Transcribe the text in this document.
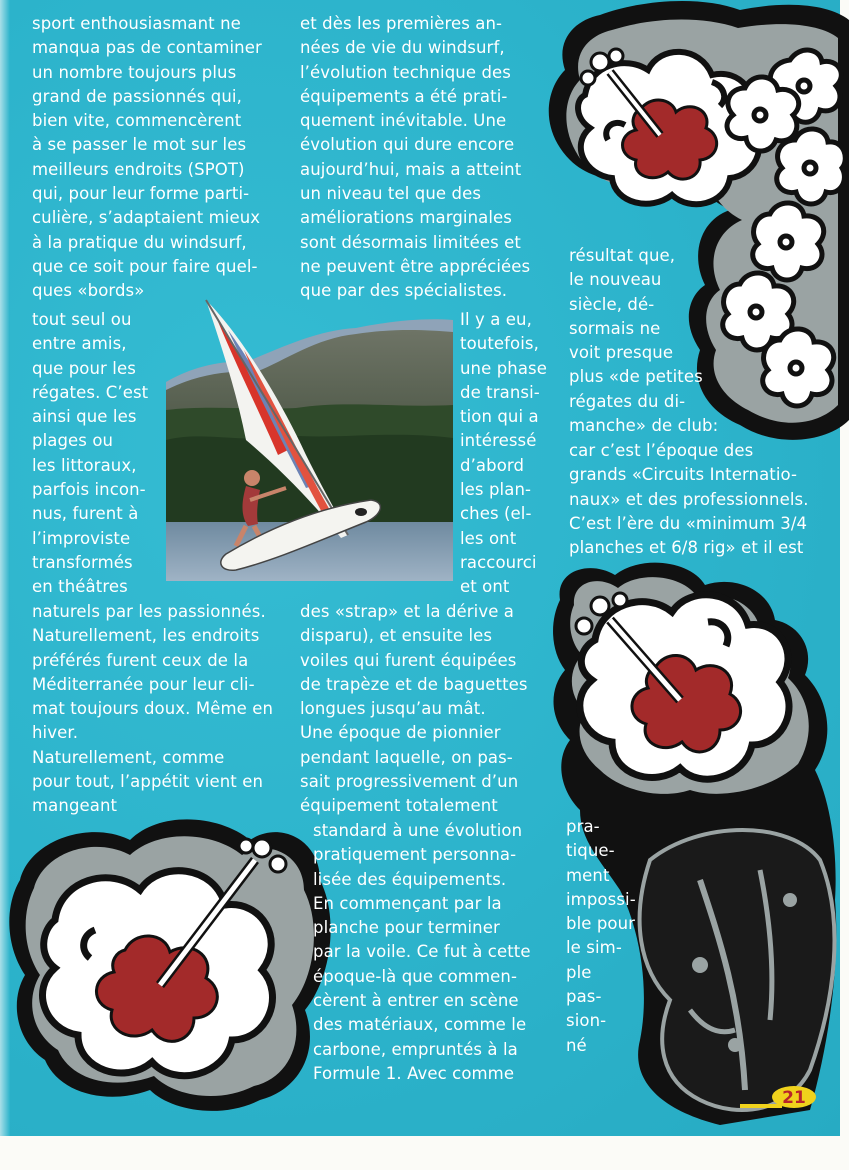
sport enthousiasmant ne
manqua pas de contaminer
un nombre toujours plus
grand de passionnés qui,
bien vite, commencèrent
à se passer le mot sur les
meilleurs endroits (SPOT)
qui, pour leur forme parti-
culière, s’adaptaient mieux
à la pratique du windsurf,
que ce soit pour faire quel-
ques «bords»
tout seul ou
entre amis,
que pour les
régates. C’est
ainsi que les
plages ou
les littoraux,
parfois incon-
nus, furent à
l’improviste
transformés
en théâtres
naturels par les passionnés.
Naturellement, les endroits
préférés furent ceux de la
Méditerranée pour leur cli-
mat toujours doux. Même en
hiver.
Naturellement, comme
pour tout, l’appétit vient en
mangeant
et dès les premières an-
nées de vie du windsurf,
l’évolution technique des
équipements a été prati-
quement inévitable. Une
évolution qui dure encore
aujourd’hui, mais a atteint
un niveau tel que des
améliorations marginales
sont désormais limitées et
ne peuvent être appréciées
que par des spécialistes.
Il y a eu,
toutefois,
une phase
de transi-
tion qui a
intéressé
d’abord
les plan-
ches (el-
les ont
raccourci
et ont
des «strap» et la dérive a
disparu), et ensuite les
voiles qui furent équipées
de trapèze et de baguettes
longues jusqu’au mât.
Une époque de pionnier
pendant laquelle, on pas-
sait progressivement d’un
équipement totalement
standard à une évolution
pratiquement personna-
lisée des équipements.
En commençant par la
planche pour terminer
par la voile. Ce fut à cette
époque-là que commen-
cèrent à entrer en scène
des matériaux, comme le
carbone, empruntés à la
Formule 1. Avec comme
résultat que,
le nouveau
siècle, dé-
sormais ne
voit presque
plus «de petites
régates du di-
manche» de club:
car c’est l’époque des
grands «Circuits Internatio-
naux» et des professionnels.
C’est l’ère du «minimum 3/4
planches et 6/8 rig» et il est
pra-
tique-
ment
impossi-
ble pour
le sim-
ple
pas-
sion-
né
21
